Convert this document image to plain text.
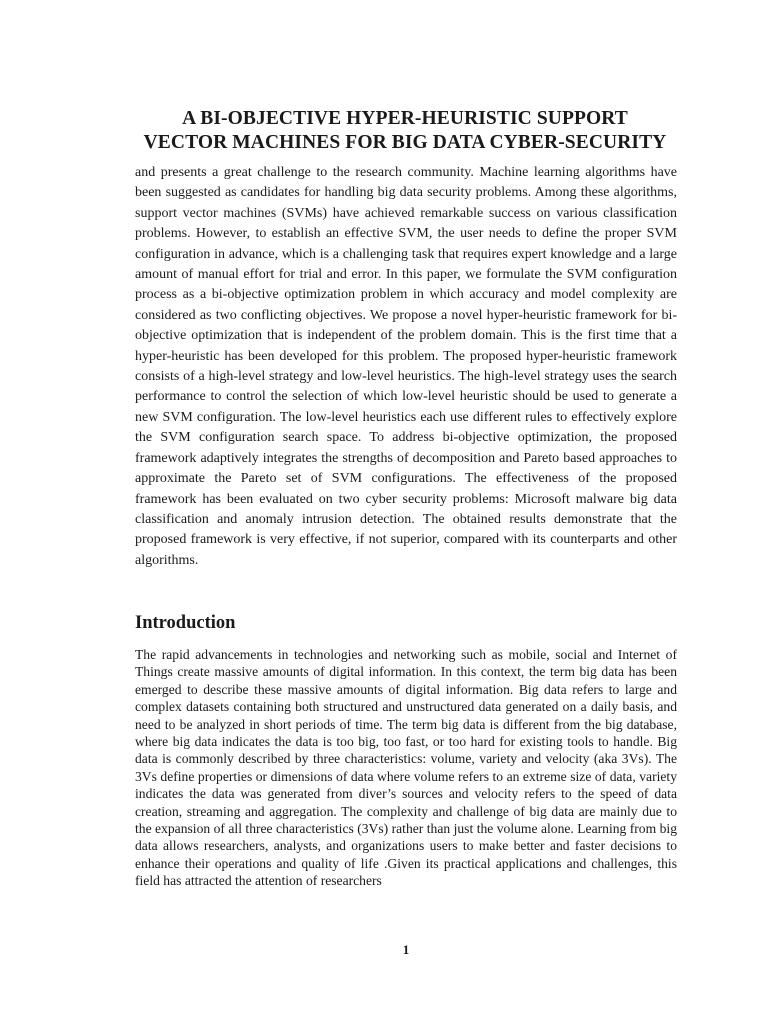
A BI-OBJECTIVE HYPER-HEURISTIC SUPPORT
VECTOR MACHINES FOR BIG DATA CYBER-SECURITY

and presents a great challenge to the research community. Machine learning algorithms have been suggested as candidates for handling big data security problems. Among these algorithms, support vector machines (SVMs) have achieved remarkable success on various classification problems. However, to establish an effective SVM, the user needs to define the proper SVM configuration in advance, which is a challenging task that requires expert knowledge and a large amount of manual effort for trial and error. In this paper, we formulate the SVM configuration process as a bi-objective optimization problem in which accuracy and model complexity are considered as two conflicting objectives. We propose a novel hyper-heuristic framework for bi-objective optimization that is independent of the problem domain. This is the first time that a hyper-heuristic has been developed for this problem. The proposed hyper-heuristic framework consists of a high-level strategy and low-level heuristics. The high-level strategy uses the search performance to control the selection of which low-level heuristic should be used to generate a new SVM configuration. The low-level heuristics each use different rules to effectively explore the SVM configuration search space. To address bi-objective optimization, the proposed framework adaptively integrates the strengths of decomposition and Pareto based approaches to approximate the Pareto set of SVM configurations. The effectiveness of the proposed framework has been evaluated on two cyber security problems: Microsoft malware big data classification and anomaly intrusion detection. The obtained results demonstrate that the proposed framework is very effective, if not superior, compared with its counterparts and other algorithms.

Introduction

The rapid advancements in technologies and networking such as mobile, social and Internet of Things create massive amounts of digital information. In this context, the term big data has been emerged to describe these massive amounts of digital information. Big data refers to large and complex datasets containing both structured and unstructured data generated on a daily basis, and need to be analyzed in short periods of time. The term big data is different from the big database, where big data indicates the data is too big, too fast, or too hard for existing tools to handle. Big data is commonly described by three characteristics: volume, variety and velocity (aka 3Vs). The 3Vs define properties or dimensions of data where volume refers to an extreme size of data, variety indicates the data was generated from diver’s sources and velocity refers to the speed of data creation, streaming and aggregation. The complexity and challenge of big data are mainly due to the expansion of all three characteristics (3Vs) rather than just the volume alone. Learning from big data allows researchers, analysts, and organizations users to make better and faster decisions to enhance their operations and quality of life .Given its practical applications and challenges, this field has attracted the attention of researchers

1
